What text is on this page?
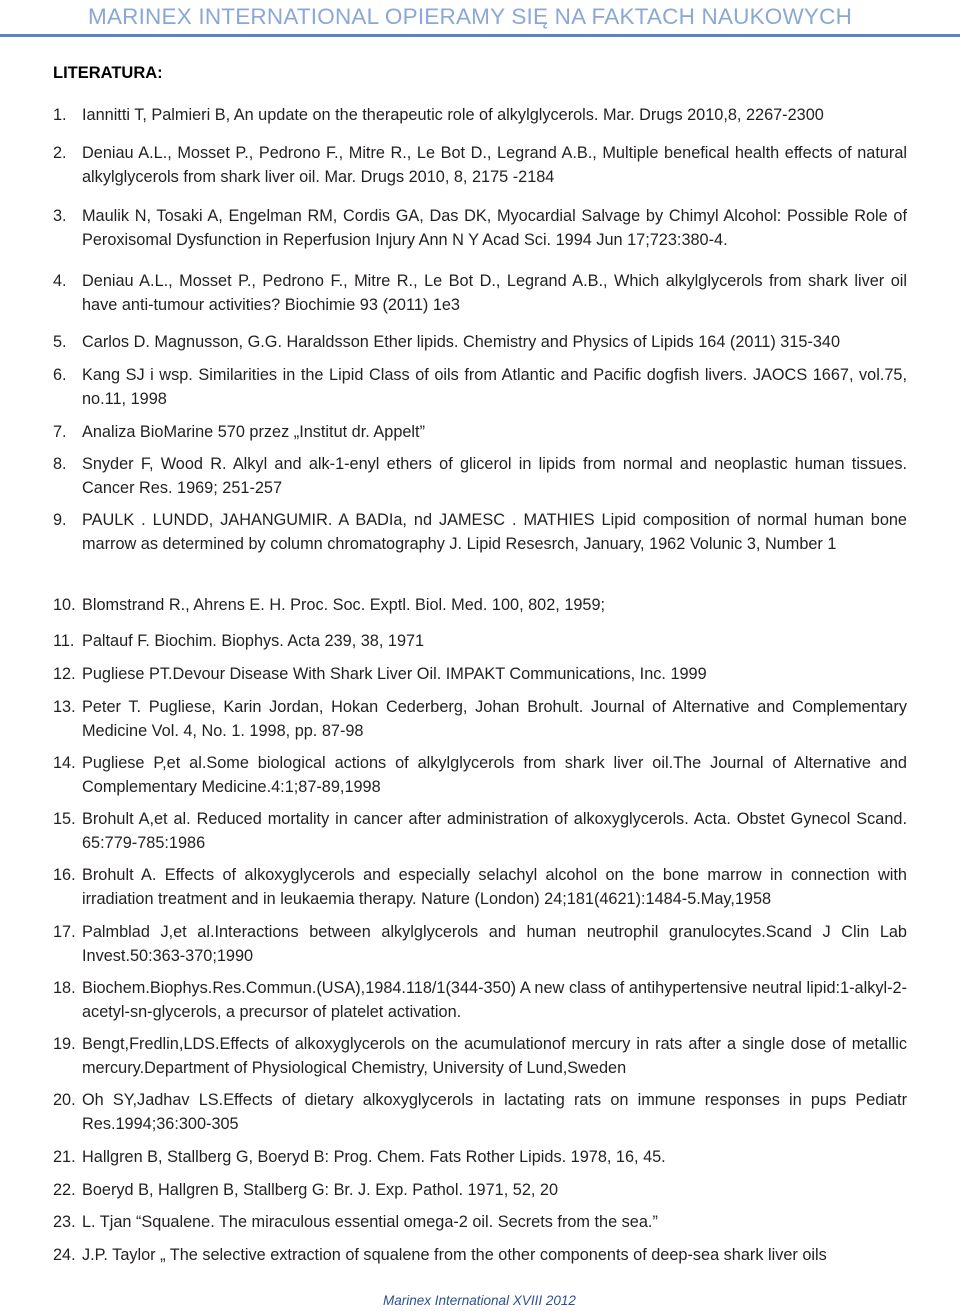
MARINEX INTERNATIONAL OPIERAMY SIĘ NA FAKTACH NAUKOWYCH
LITERATURA:
1. Iannitti T, Palmieri B, An update on the therapeutic role of alkylglycerols. Mar. Drugs 2010,8, 2267-2300
2. Deniau A.L., Mosset P., Pedrono F., Mitre R., Le Bot D., Legrand A.B., Multiple benefical health effects of natural alkylglycerols from shark liver oil. Mar. Drugs 2010, 8, 2175 -2184
3. Maulik N, Tosaki A, Engelman RM, Cordis GA, Das DK, Myocardial Salvage by Chimyl Alcohol: Possible Role of Peroxisomal Dysfunction in Reperfusion Injury Ann N Y Acad Sci. 1994 Jun 17;723:380-4.
4. Deniau A.L., Mosset P., Pedrono F., Mitre R., Le Bot D., Legrand A.B., Which alkylglycerols from shark liver oil have anti-tumour activities? Biochimie 93 (2011) 1e3
5. Carlos D. Magnusson, G.G. Haraldsson Ether lipids. Chemistry and Physics of Lipids 164 (2011) 315-340
6. Kang SJ i wsp. Similarities in the Lipid Class of oils from Atlantic and Pacific dogfish livers. JAOCS 1667, vol.75, no.11, 1998
7. Analiza BioMarine 570 przez „Institut dr. Appelt”
8. Snyder F, Wood R. Alkyl and alk-1-enyl ethers of glicerol in lipids from normal and neoplastic human tissues. Cancer Res. 1969; 251-257
9. PAULK . LUNDD, JAHANGUMIR. A BADIa, nd JAMESC . MATHIES Lipid composition of normal human bone marrow as determined by column chromatography J. Lipid Resesrch, January, 1962 Volunic 3, Number 1
10. Blomstrand R., Ahrens E. H. Proc. Soc. Exptl. Biol. Med. 100, 802, 1959;
11. Paltauf F. Biochim. Biophys. Acta 239, 38, 1971
12. Pugliese PT.Devour Disease With Shark Liver Oil. IMPAKT Communications, Inc. 1999
13. Peter T. Pugliese, Karin Jordan, Hokan Cederberg, Johan Brohult. Journal of Alternative and Complementary Medicine Vol. 4, No. 1. 1998, pp. 87-98
14. Pugliese P,et al.Some biological actions of alkylglycerols from shark liver oil.The Journal of Alternative and Complementary Medicine.4:1;87-89,1998
15. Brohult A,et al. Reduced mortality in cancer after administration of alkoxyglycerols. Acta. Obstet Gynecol Scand. 65:779-785:1986
16. Brohult A. Effects of alkoxyglycerols and especially selachyl alcohol on the bone marrow in connection with irradiation treatment and in leukaemia therapy. Nature (London) 24;181(4621):1484-5.May,1958
17. Palmblad J,et al.Interactions between alkylglycerols and human neutrophil granulocytes.Scand J Clin Lab Invest.50:363-370;1990
18. Biochem.Biophys.Res.Commun.(USA),1984.118/1(344-350) A new class of antihypertensive neutral lipid:1-alkyl-2-acetyl-sn-glycerols, a precursor of platelet activation.
19. Bengt,Fredlin,LDS.Effects of alkoxyglycerols on the acumulationof mercury in rats after a single dose of metallic mercury.Department of Physiological Chemistry, University of Lund,Sweden
20. Oh SY,Jadhav LS.Effects of dietary alkoxyglycerols in lactating rats on immune responses in pups Pediatr Res.1994;36:300-305
21. Hallgren B, Stallberg G, Boeryd B: Prog. Chem. Fats Rother Lipids. 1978, 16, 45.
22. Boeryd B, Hallgren B, Stallberg G: Br. J. Exp. Pathol. 1971, 52, 20
23. L. Tjan “Squalene. The miraculous essential omega-2 oil. Secrets from the sea.”
24. J.P. Taylor „ The selective extraction of squalene from the other components of deep-sea shark liver oils
Marinex International XVIII 2012
